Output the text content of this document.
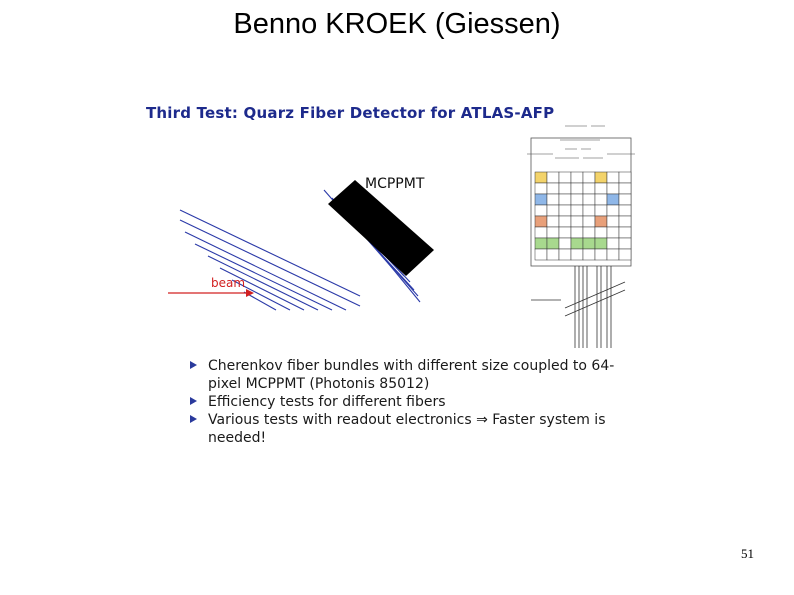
Benno KROEK (Giessen)
Third Test: Quarz Fiber Detector for ATLAS-AFP
MCPPMT
beam
Cherenkov fiber bundles with different size coupled to 64-pixel MCPPMT (Photonis 85012)
Efficiency tests for different fibers
Various tests with readout electronics ⇒ Faster system is needed!
51
